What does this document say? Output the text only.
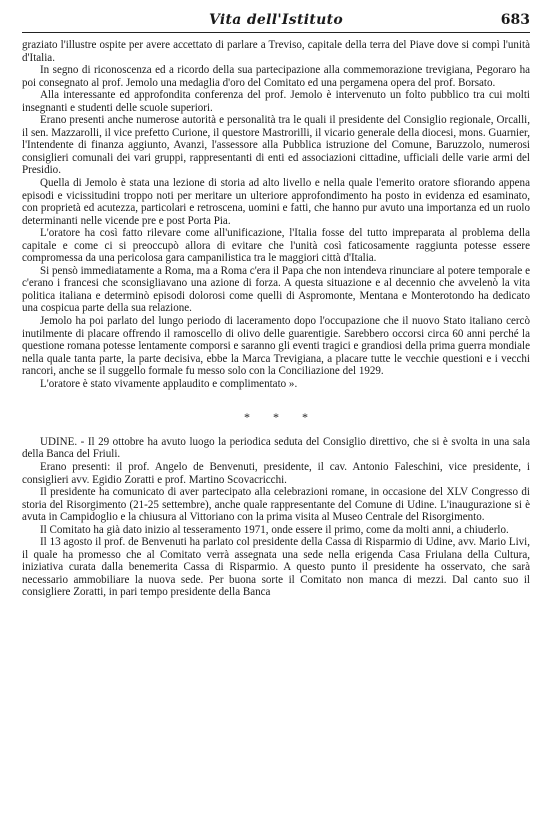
Vita dell'Istituto	683

graziato l'illustre ospite per avere accettato di parlare a Treviso, capitale della terra del Piave dove si compì l'unità d'Italia.

In segno di riconoscenza ed a ricordo della sua partecipazione alla commemorazione trevigiana, Pegoraro ha poi consegnato al prof. Jemolo una medaglia d'oro del Comitato ed una pergamena opera del prof. Borsato.

Alla interessante ed approfondita conferenza del prof. Jemolo è intervenuto un folto pubblico tra cui molti insegnanti e studenti delle scuole superiori.

Erano presenti anche numerose autorità e personalità tra le quali il presidente del Consiglio regionale, Orcalli, il sen. Mazzarolli, il vice prefetto Curione, il questore Mastrorilli, il vicario generale della diocesi, mons. Guarnier, l'Intendente di finanza aggiunto, Avanzi, l'assessore alla Pubblica istruzione del Comune, Baruzzolo, numerosi consiglieri comunali dei vari gruppi, rappresentanti di enti ed associazioni cittadine, ufficiali delle varie armi del Presidio.

Quella di Jemolo è stata una lezione di storia ad alto livello e nella quale l'emerito oratore sfiorando appena episodi e vicissitudini troppo noti per meritare un ulteriore approfondimento ha posto in evidenza ed esaminato, con proprietà ed acutezza, particolari e retroscena, uomini e fatti, che hanno pur avuto una importanza ed un ruolo determinanti nelle vicende pre e post Porta Pia.

L'oratore ha così fatto rilevare come all'unificazione, l'Italia fosse del tutto impreparata al problema della capitale e come ci si preoccupò allora di evitare che l'unità così faticosamente raggiunta potesse essere compromessa da una pericolosa gara campanilistica tra le maggiori città d'Italia.

Si pensò immediatamente a Roma, ma a Roma c'era il Papa che non intendeva rinunciare al potere temporale e c'erano i francesi che sconsigliavano una azione di forza. A questa situazione e al decennio che avvelenò la vita politica italiana e determinò episodi dolorosi come quelli di Aspromonte, Mentana e Monterotondo ha dedicato una cospicua parte della sua relazione.

Jemolo ha poi parlato del lungo periodo di laceramento dopo l'occupazione che il nuovo Stato italiano cercò inutilmente di placare offrendo il ramoscello di olivo delle guarentigie. Sarebbero occorsi circa 60 anni perché la questione romana potesse lentamente comporsi e saranno gli eventi tragici e grandiosi della prima guerra mondiale nella quale tanta parte, la parte decisiva, ebbe la Marca Trevigiana, a placare tutte le vecchie questioni e i vecchi rancori, anche se il suggello formale fu messo solo con la Conciliazione del 1929.

L'oratore è stato vivamente applaudito e complimentato ».

* * *

UDINE. - Il 29 ottobre ha avuto luogo la periodica seduta del Consiglio direttivo, che si è svolta in una sala della Banca del Friuli.

Erano presenti: il prof. Angelo de Benvenuti, presidente, il cav. Antonio Faleschini, vice presidente, i consiglieri avv. Egidio Zoratti e prof. Martino Scovacricchi.

Il presidente ha comunicato di aver partecipato alla celebrazioni romane, in occasione del XLV Congresso di storia del Risorgimento (21-25 settembre), anche quale rappresentante del Comune di Udine. L'inaugurazione si è avuta in Campidoglio e la chiusura al Vittoriano con la prima visita al Museo Centrale del Risorgimento.

Il Comitato ha già dato inizio al tesseramento 1971, onde essere il primo, come da molti anni, a chiuderlo.

Il 13 agosto il prof. de Benvenuti ha parlato col presidente della Cassa di Risparmio di Udine, avv. Mario Livi, il quale ha promesso che al Comitato verrà assegnata una sede nella erigenda Casa Friulana della Cultura, iniziativa curata dalla benemerita Cassa di Risparmio. A questo punto il presidente ha osservato, che sarà necessario ammobiliare la nuova sede. Per buona sorte il Comitato non manca di mezzi. Dal canto suo il consigliere Zoratti, in pari tempo presidente della Banca
